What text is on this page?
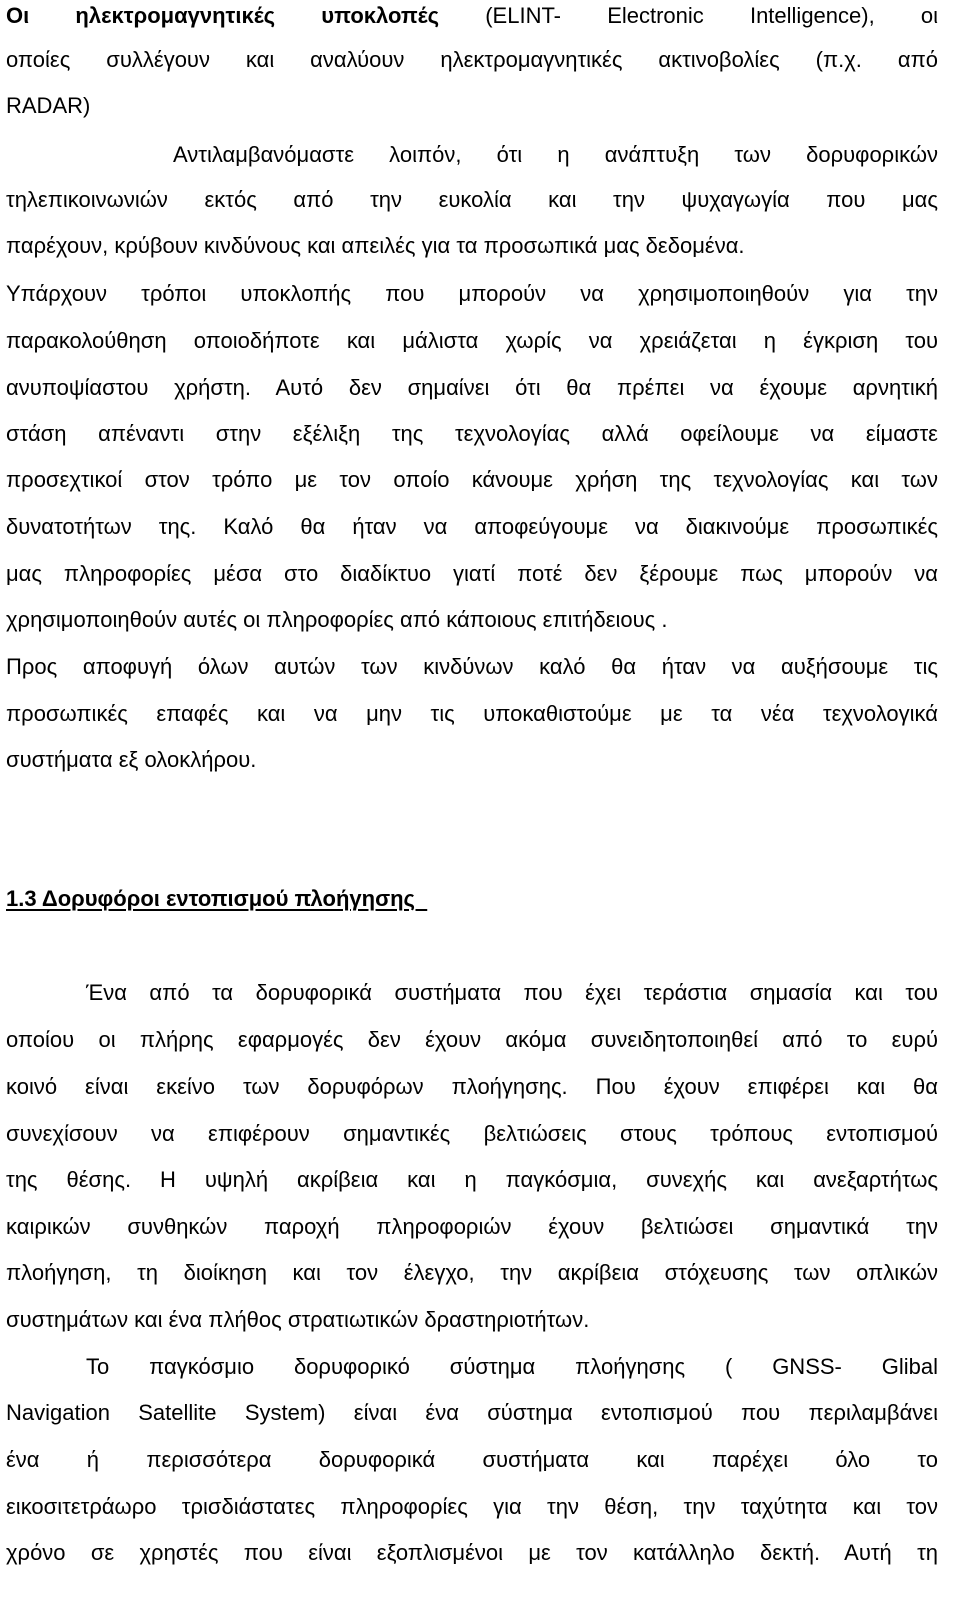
Οι ηλεκτρομαγνητικές υποκλοπές (ELINT- Electronic Intelligence), οι
οποίες συλλέγουν και αναλύουν ηλεκτρομαγνητικές ακτινοβολίες (π.χ. από
RADAR)
Αντιλαμβανόμαστε λοιπόν, ότι η ανάπτυξη των δορυφορικών
τηλεπικοινωνιών εκτός από την ευκολία και την ψυχαγωγία που μας
παρέχουν, κρύβουν κινδύνους και απειλές για τα προσωπικά μας δεδομένα.
Υπάρχουν τρόποι υποκλοπής που μπορούν να χρησιμοποιηθούν για την
παρακολούθηση οποιοδήποτε και μάλιστα χωρίς να χρειάζεται η έγκριση του
ανυποψίαστου χρήστη. Αυτό δεν σημαίνει ότι θα πρέπει να έχουμε αρνητική
στάση απέναντι στην εξέλιξη της τεχνολογίας αλλά οφείλουμε να είμαστε
προσεχτικοί στον τρόπο με τον οποίο κάνουμε χρήση της τεχνολογίας και των
δυνατοτήτων της. Καλό θα ήταν να αποφεύγουμε να διακινούμε προσωπικές
μας πληροφορίες μέσα στο διαδίκτυο γιατί ποτέ δεν ξέρουμε πως μπορούν να
χρησιμοποιηθούν αυτές οι πληροφορίες από κάποιους επιτήδειους .
Προς αποφυγή όλων αυτών των κινδύνων καλό θα ήταν να αυξήσουμε τις
προσωπικές επαφές και να μην τις υποκαθιστούμε με τα νέα τεχνολογικά
συστήματα εξ ολοκλήρου.
1.3 Δορυφόροι εντοπισμού πλοήγησης
Ένα από τα δορυφορικά συστήματα που έχει τεράστια σημασία και του
οποίου οι πλήρης εφαρμογές δεν έχουν ακόμα συνειδητοποιηθεί από το ευρύ
κοινό είναι εκείνο των δορυφόρων πλοήγησης. Που έχουν επιφέρει και θα
συνεχίσουν να επιφέρουν σημαντικές βελτιώσεις στους τρόπους εντοπισμού
της θέσης. Η υψηλή ακρίβεια και η παγκόσμια, συνεχής και ανεξαρτήτως
καιρικών συνθηκών παροχή πληροφοριών έχουν βελτιώσει σημαντικά την
πλοήγηση, τη διοίκηση και τον έλεγχο, την ακρίβεια στόχευσης των οπλικών
συστημάτων και ένα πλήθος στρατιωτικών δραστηριοτήτων.
Το παγκόσμιο δορυφορικό σύστημα πλοήγησης ( GNSS- Glibal
Navigation Satellite System) είναι ένα σύστημα εντοπισμού που περιλαμβάνει
ένα ή περισσότερα δορυφορικά συστήματα και παρέχει όλο το
εικοσιτετράωρο τρισδιάστατες πληροφορίες για την θέση, την ταχύτητα και τον
χρόνο σε χρηστές που είναι εξοπλισμένοι με τον κατάλληλο δεκτή. Αυτή τη
